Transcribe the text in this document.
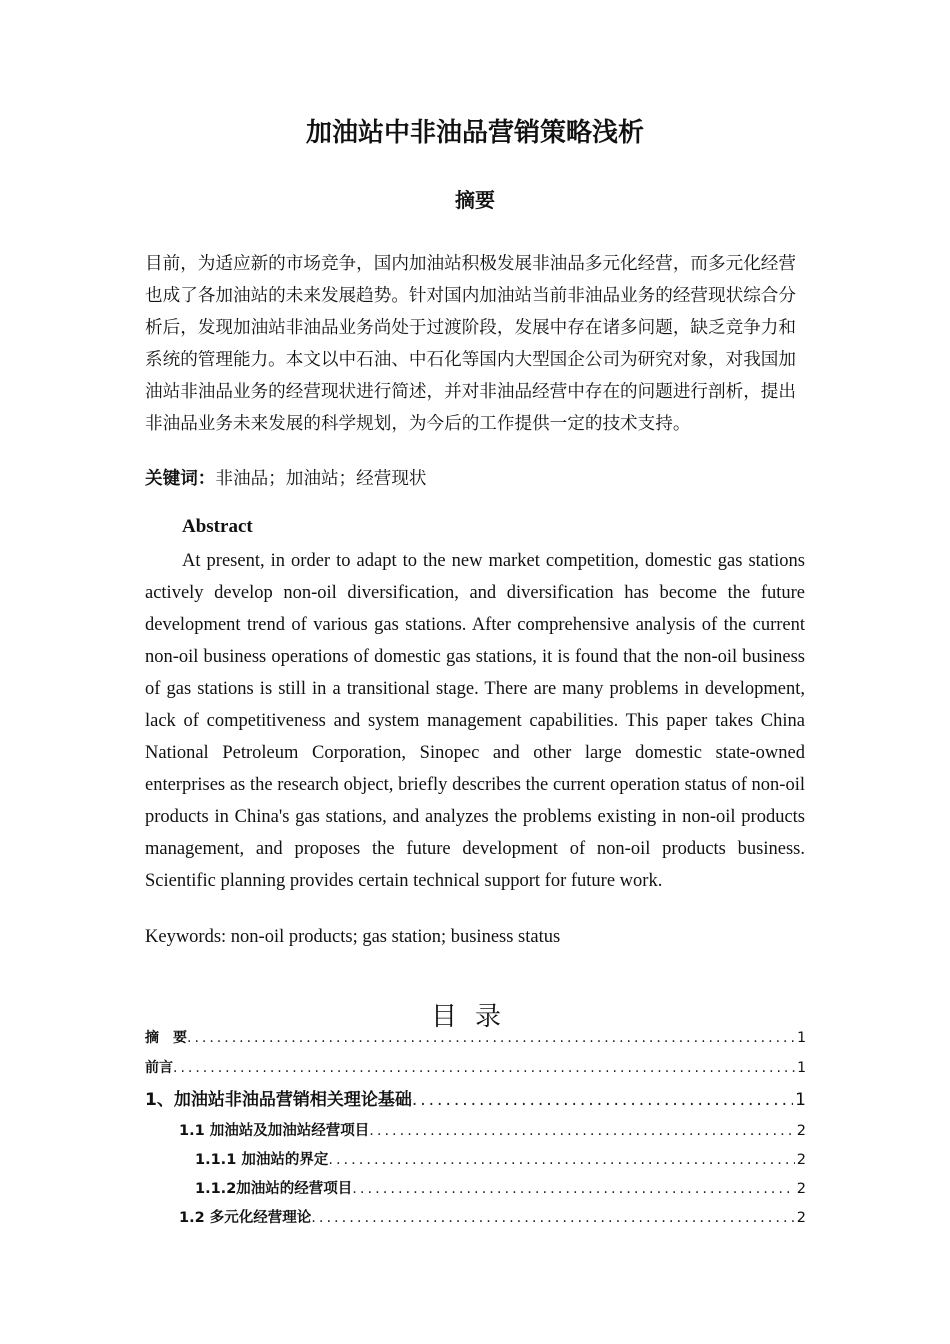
加油站中非油品营销策略浅析
摘要

目前，为适应新的市场竞争，国内加油站积极发展非油品多元化经营，而多元化经营也成了各加油站的未来发展趋势。针对国内加油站当前非油品业务的经营现状综合分析后，发现加油站非油品业务尚处于过渡阶段，发展中存在诸多问题，缺乏竞争力和系统的管理能力。本文以中石油、中石化等国内大型国企公司为研究对象，对我国加油站非油品业务的经营现状进行简述，并对非油品经营中存在的问题进行剖析，提出非油品业务未来发展的科学规划，为今后的工作提供一定的技术支持。

关键词：非油品；加油站；经营现状

Abstract

At present, in order to adapt to the new market competition, domestic gas stations actively develop non-oil diversification, and diversification has become the future development trend of various gas stations. After comprehensive analysis of the current non-oil business operations of domestic gas stations, it is found that the non-oil business of gas stations is still in a transitional stage. There are many problems in development, lack of competitiveness and system management capabilities. This paper takes China National Petroleum Corporation, Sinopec and other large domestic state-owned enterprises as the research object, briefly describes the current operation status of non-oil products in China's gas stations, and analyzes the problems existing in non-oil products management, and proposes the future development of non-oil products business. Scientific planning provides certain technical support for future work.

Keywords: non-oil products; gas station; business status

目录
摘　要 .....	1
前言 .....	1
1、加油站非油品营销相关理论基础 .....	1
1.1 加油站及加油站经营项目 .....	2
1.1.1 加油站的界定 .....	2
1.1.2加油站的经营项目 .....	2
1.2 多元化经营理论 .....	2
